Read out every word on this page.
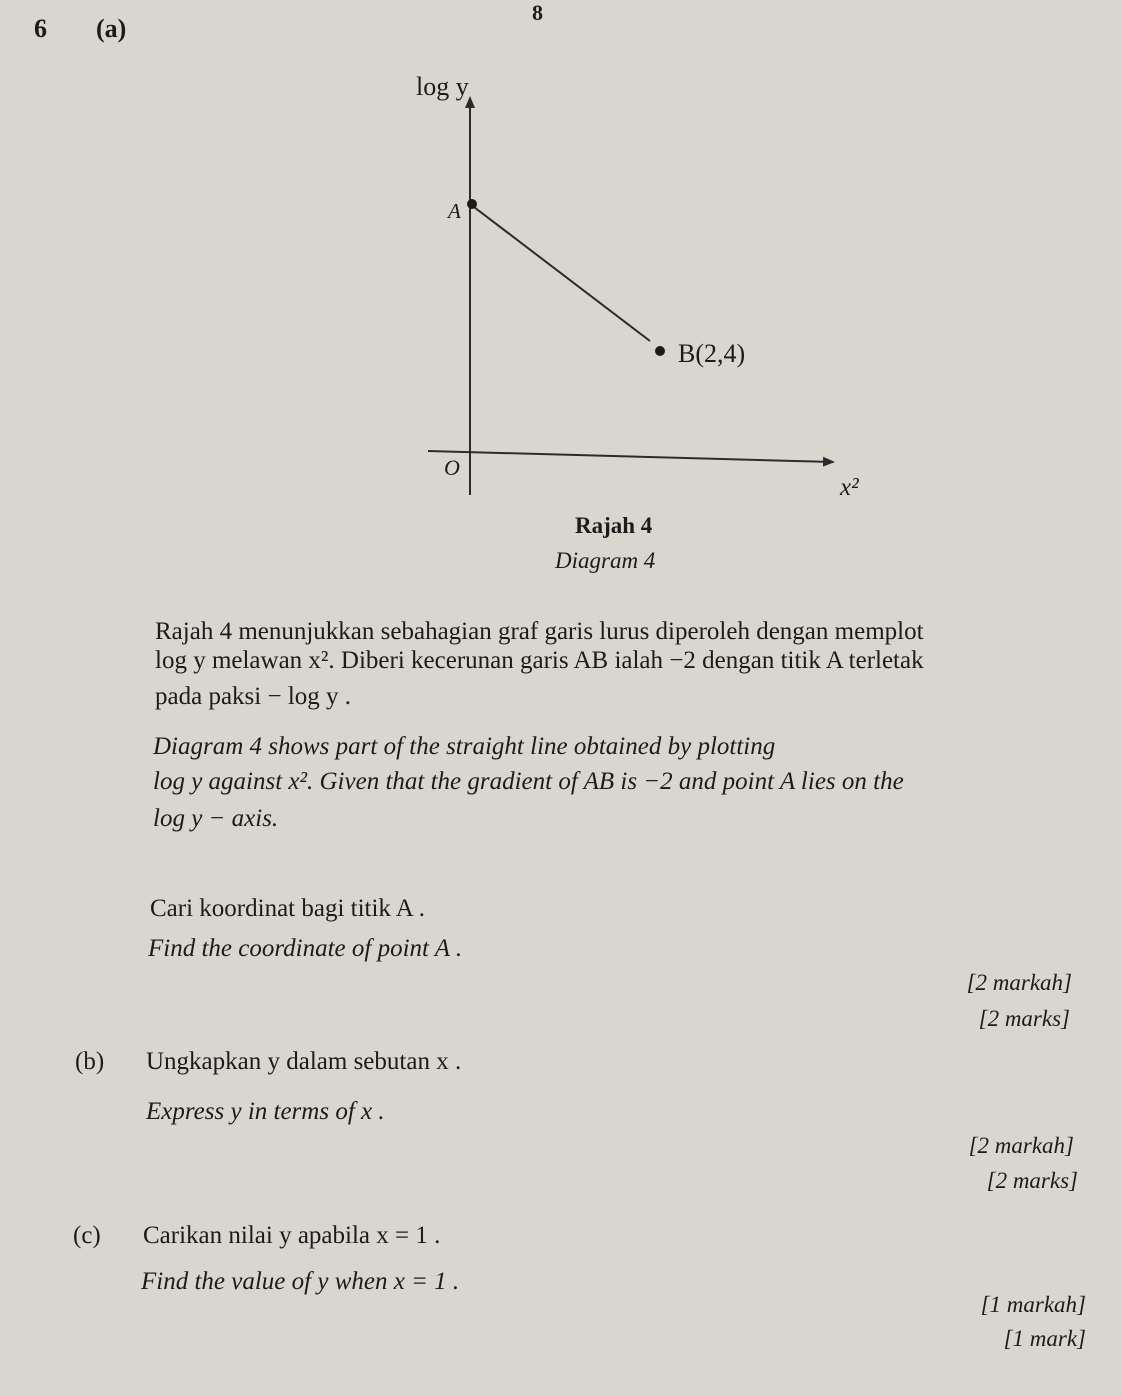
8
6 (a)
log y
x²
O
A
B(2,4)
Rajah 4
Diagram 4
Rajah 4 menunjukkan sebahagian graf garis lurus diperoleh dengan memplot
log y melawan x². Diberi kecerunan garis AB ialah −2 dengan titik A terletak
pada paksi − log y .
Diagram 4 shows part of the straight line obtained by plotting
log y against x². Given that the gradient of AB is −2 and point A lies on the
log y − axis.
Cari koordinat bagi titik A .
Find the coordinate of point A .
[2 markah]
[2 marks]
(b) Ungkapkan y dalam sebutan x .
Express y in terms of x .
[2 markah]
[2 marks]
(c) Carikan nilai y apabila x = 1 .
Find the value of y when x = 1 .
[1 markah]
[1 mark]
